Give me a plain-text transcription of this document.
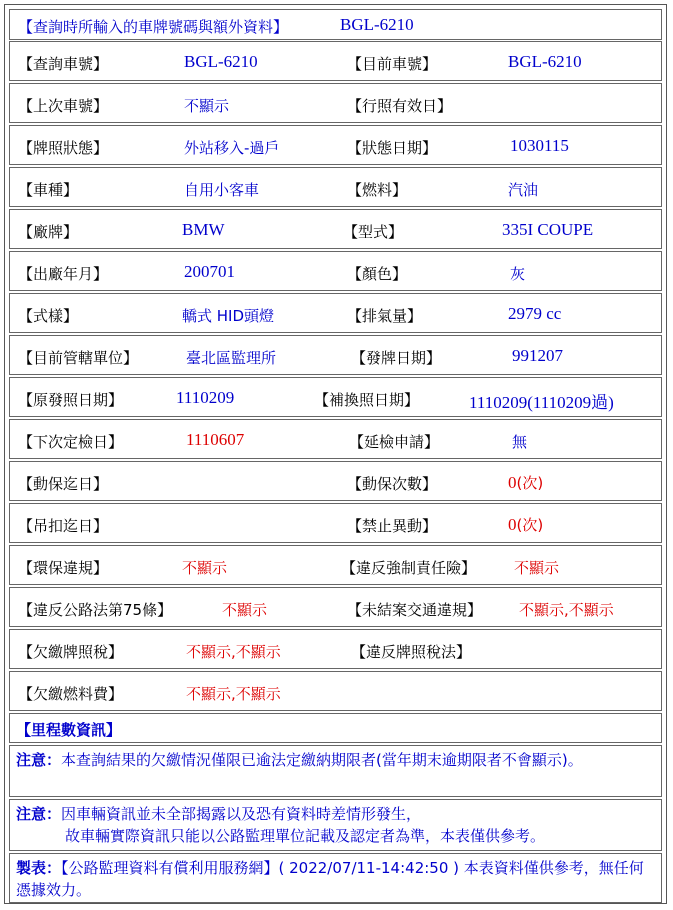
【查詢時所輸入的車牌號碼與額外資料】	BGL-6210
【查詢車號】	BGL-6210	【目前車號】	BGL-6210
【上次車號】	不顯示	【行照有效日】
【牌照狀態】	外站移入-過戶	【狀態日期】	1030115
【車種】	自用小客車	【燃料】	汽油
【廠牌】	BMW	【型式】	335I COUPE
【出廠年月】	200701	【顏色】	灰
【式樣】	轎式 HID頭燈	【排氣量】	2979 cc
【目前管轄單位】	臺北區監理所	【發牌日期】	991207
【原發照日期】	1110209	【補換照日期】	1110209(1110209過)
【下次定檢日】	1110607	【延檢申請】	無
【動保迄日】	【動保次數】	0(次)
【吊扣迄日】	【禁止異動】	0(次)
【環保違規】	不顯示	【違反強制責任險】	不顯示
【違反公路法第75條】	不顯示	【未結案交通違規】 不顯示,不顯示
【欠繳牌照稅】	不顯示,不顯示	【違反牌照稅法】
【欠繳燃料費】	不顯示,不顯示
【里程數資訊】
注意：本查詢結果的欠繳情況僅限已逾法定繳納期限者(當年期末逾期限者不會顯示)。
注意：因車輛資訊並未全部揭露以及恐有資料時差情形發生，
故車輛實際資訊只能以公路監理單位記載及認定者為準，本表僅供參考。
製表：【公路監理資料有償利用服務網】( 2022/07/11-14:42:50 ) 本表資料僅供參考，無任何憑據效力。
